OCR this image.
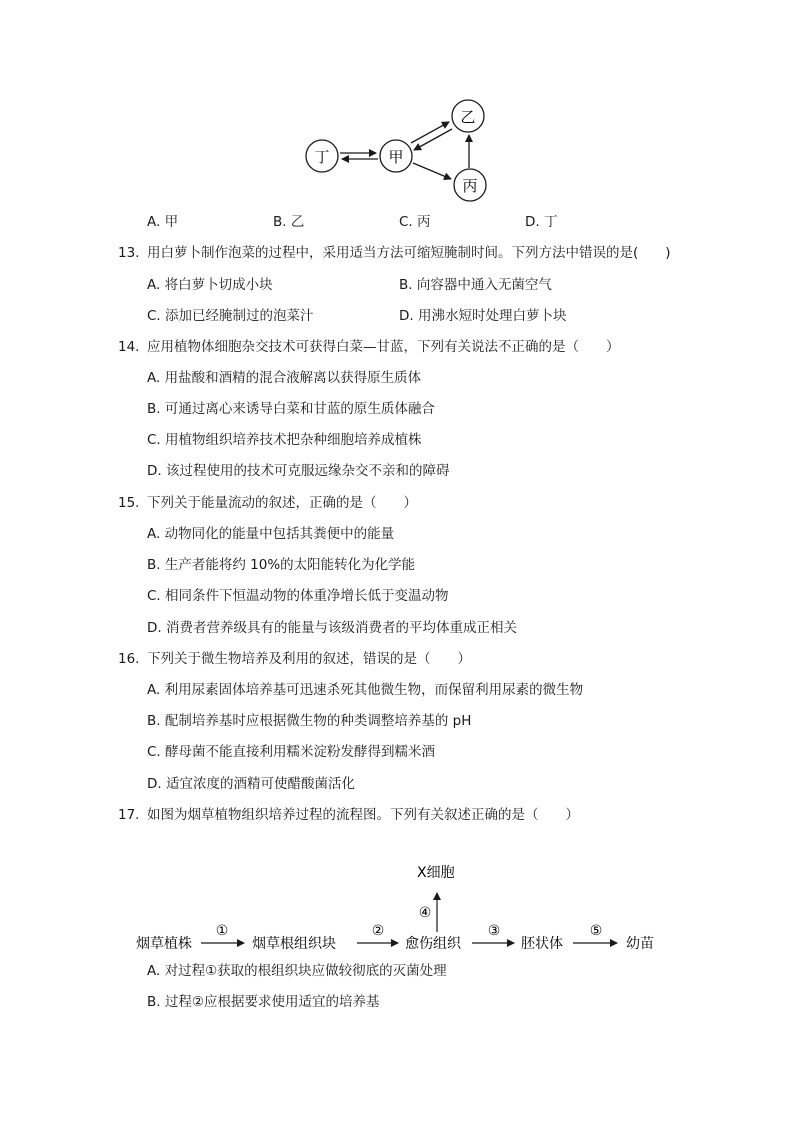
丁	甲
乙
丙
A. 甲	B. 乙	C. 丙	D. 丁
13. 用白萝卜制作泡菜的过程中，采用适当方法可缩短腌制时间。下列方法中错误的是(　　)
A. 将白萝卜切成小块	B. 向容器中通入无菌空气
C. 添加已经腌制过的泡菜汁	D. 用沸水短时处理白萝卜块
14. 应用植物体细胞杂交技术可获得白菜—甘蓝，下列有关说法不正确的是（　　）
A. 用盐酸和酒精的混合液解离以获得原生质体
B. 可通过离心来诱导白菜和甘蓝的原生质体融合
C. 用植物组织培养技术把杂种细胞培养成植株
D. 该过程使用的技术可克服远缘杂交不亲和的障碍
15. 下列关于能量流动的叙述，正确的是（　　）
A. 动物同化的能量中包括其粪便中的能量
B. 生产者能将约 10%的太阳能转化为化学能
C. 相同条件下恒温动物的体重净增长低于变温动物
D. 消费者营养级具有的能量与该级消费者的平均体重成正相关
16. 下列关于微生物培养及利用的叙述，错误的是（　　）
A. 利用尿素固体培养基可迅速杀死其他微生物，而保留利用尿素的微生物
B. 配制培养基时应根据微生物的种类调整培养基的 pH
C. 酵母菌不能直接利用糯米淀粉发酵得到糯米酒
D. 适宜浓度的酒精可使醋酸菌活化
17. 如图为烟草植物组织培养过程的流程图。下列有关叙述正确的是（　　）
烟草植株
①
烟草根组织块
②
愈伤组织
④
X细胞
③
胚状体
⑤
幼苗
A. 对过程①获取的根组织块应做较彻底的灭菌处理
B. 过程②应根据要求使用适宜的培养基
